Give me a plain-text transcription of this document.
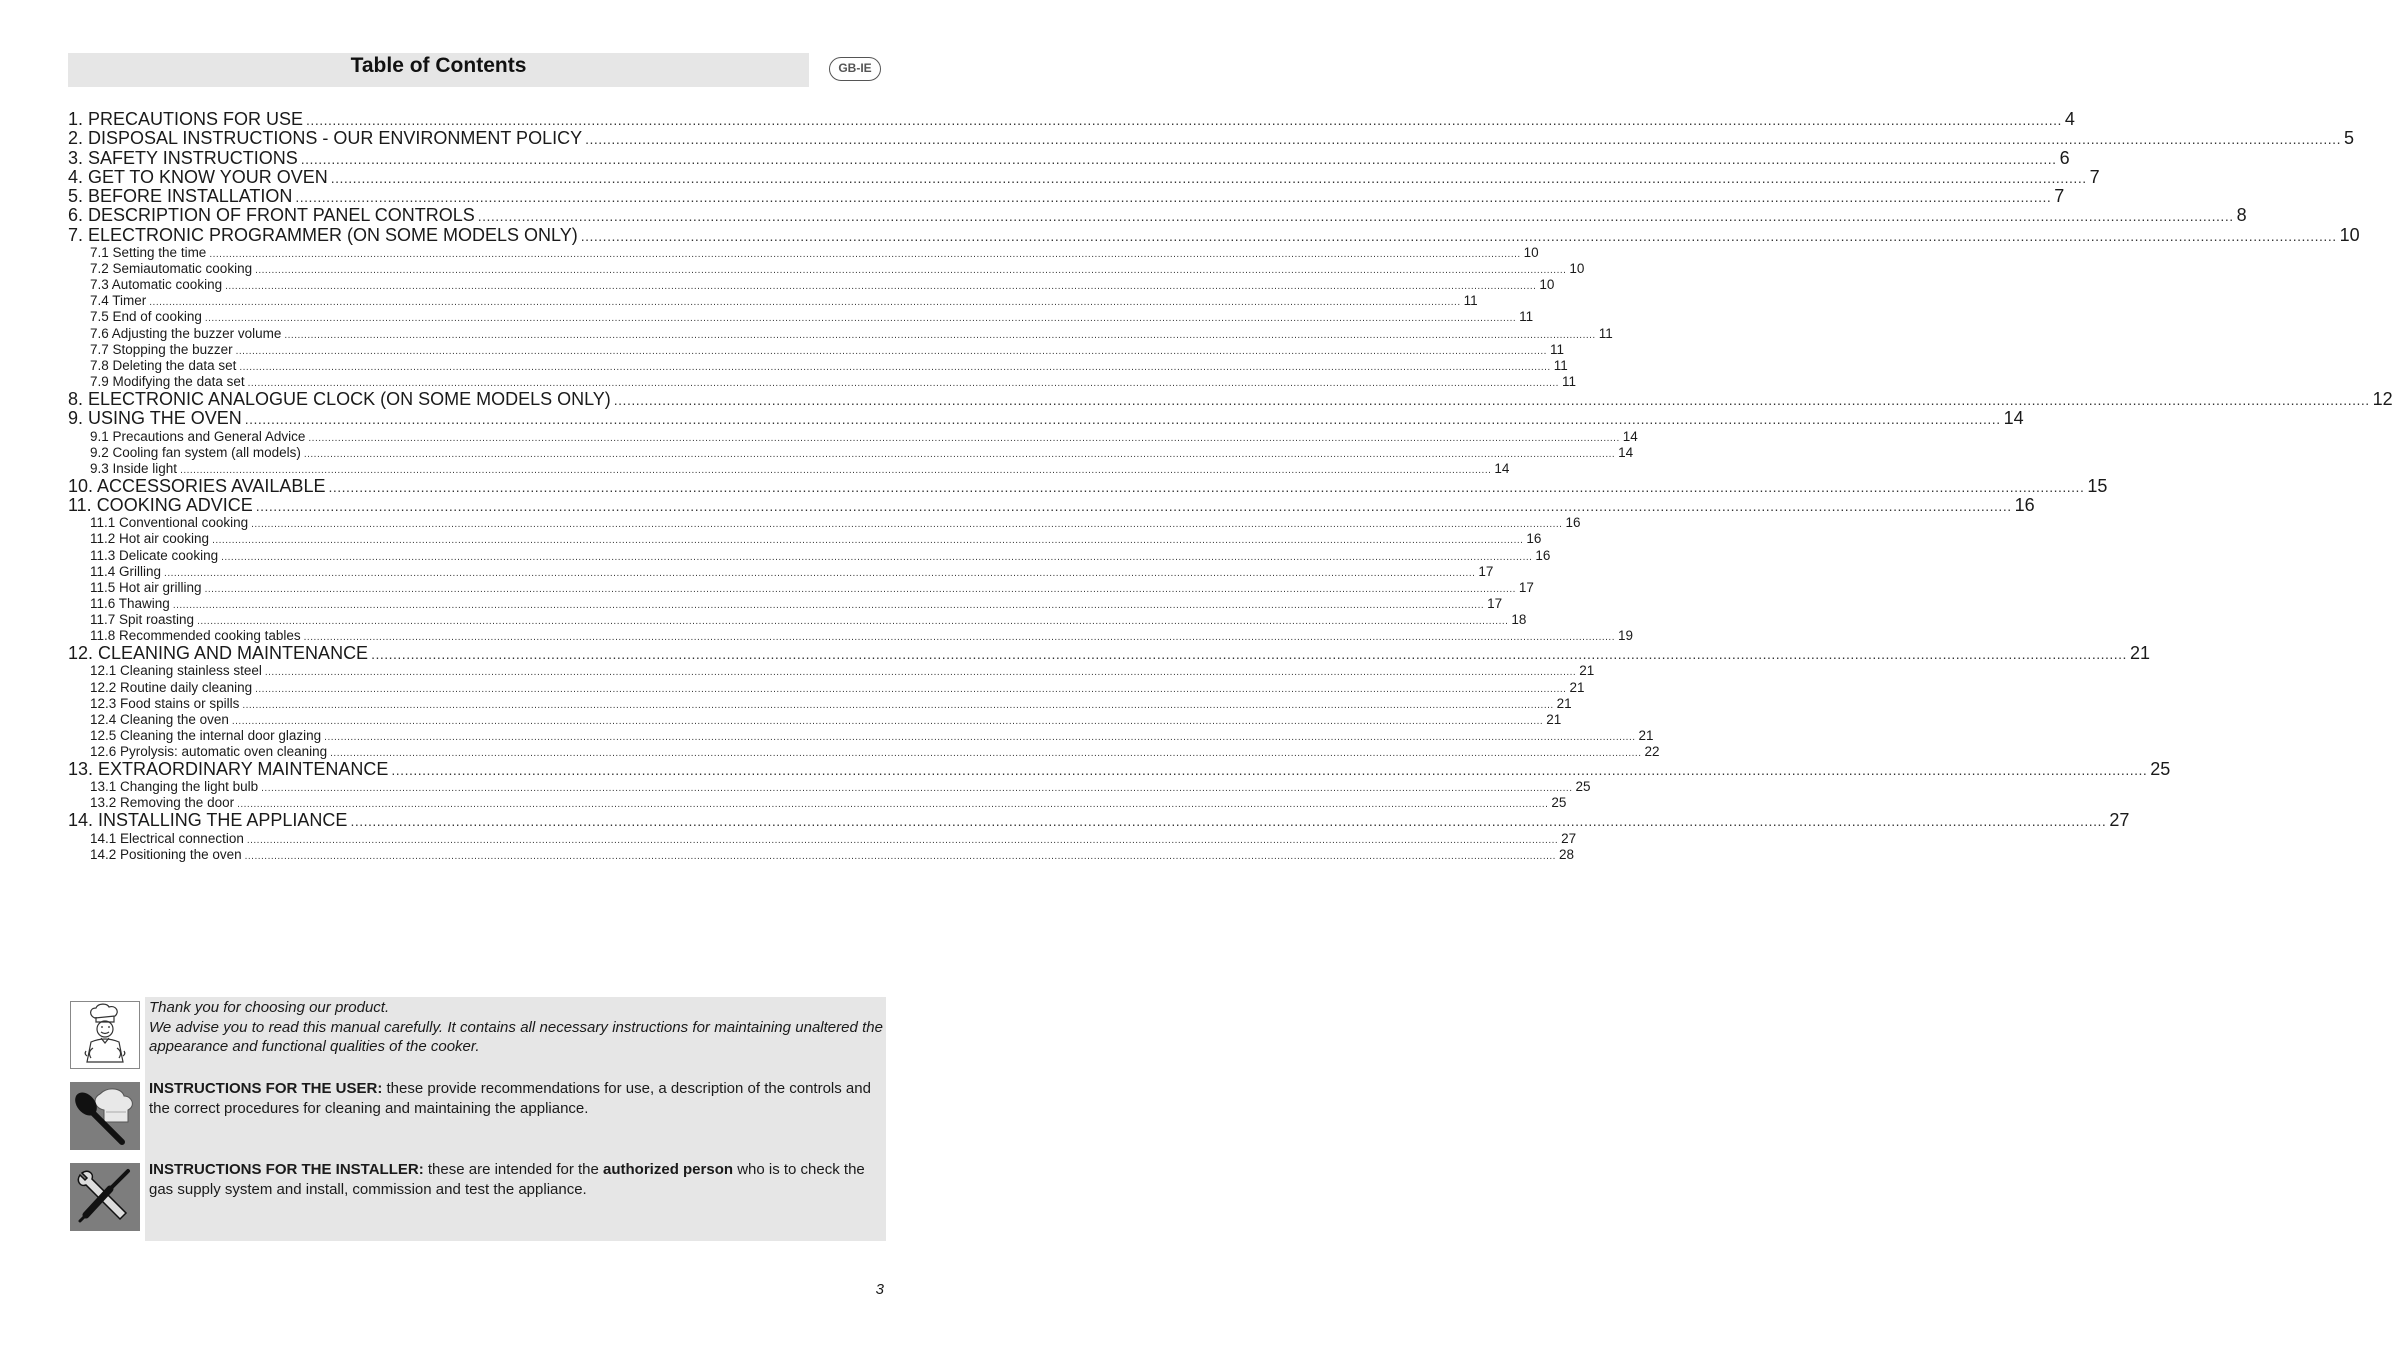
Table of Contents	GB-IE
1. PRECAUTIONS FOR USE ................................................................................................................................................................................................................................................................................................................................................................................................................ 4
2. DISPOSAL INSTRUCTIONS - OUR ENVIRONMENT POLICY ................................................................................................................................................................................................................................................................................................................................................................................................................ 5
3. SAFETY INSTRUCTIONS ................................................................................................................................................................................................................................................................................................................................................................................................................ 6
4. GET TO KNOW YOUR OVEN ................................................................................................................................................................................................................................................................................................................................................................................................................ 7
5. BEFORE INSTALLATION ................................................................................................................................................................................................................................................................................................................................................................................................................ 7
6. DESCRIPTION OF FRONT PANEL CONTROLS ................................................................................................................................................................................................................................................................................................................................................................................................................ 8
7. ELECTRONIC PROGRAMMER (ON SOME MODELS ONLY) ................................................................................................................................................................................................................................................................................................................................................................................................................ 10
7.1 Setting the time ................................................................................................................................................................................................................................................................................................................................................................................................................ 10
7.2 Semiautomatic cooking ................................................................................................................................................................................................................................................................................................................................................................................................................ 10
7.3 Automatic cooking ................................................................................................................................................................................................................................................................................................................................................................................................................ 10
7.4 Timer ................................................................................................................................................................................................................................................................................................................................................................................................................ 11
7.5 End of cooking ................................................................................................................................................................................................................................................................................................................................................................................................................ 11
7.6 Adjusting the buzzer volume ................................................................................................................................................................................................................................................................................................................................................................................................................ 11
7.7 Stopping the buzzer ................................................................................................................................................................................................................................................................................................................................................................................................................ 11
7.8 Deleting the data set ................................................................................................................................................................................................................................................................................................................................................................................................................ 11
7.9 Modifying the data set ................................................................................................................................................................................................................................................................................................................................................................................................................ 11
8. ELECTRONIC ANALOGUE CLOCK (ON SOME MODELS ONLY) ................................................................................................................................................................................................................................................................................................................................................................................................................ 12
9. USING THE OVEN ................................................................................................................................................................................................................................................................................................................................................................................................................ 14
9.1 Precautions and General Advice ................................................................................................................................................................................................................................................................................................................................................................................................................ 14
9.2 Cooling fan system (all models) ................................................................................................................................................................................................................................................................................................................................................................................................................ 14
9.3 Inside light ................................................................................................................................................................................................................................................................................................................................................................................................................ 14
10. ACCESSORIES AVAILABLE ................................................................................................................................................................................................................................................................................................................................................................................................................ 15
11. COOKING ADVICE ................................................................................................................................................................................................................................................................................................................................................................................................................ 16
11.1 Conventional cooking ................................................................................................................................................................................................................................................................................................................................................................................................................ 16
11.2 Hot air cooking ................................................................................................................................................................................................................................................................................................................................................................................................................ 16
11.3 Delicate cooking ................................................................................................................................................................................................................................................................................................................................................................................................................ 16
11.4 Grilling ................................................................................................................................................................................................................................................................................................................................................................................................................ 17
11.5 Hot air grilling ................................................................................................................................................................................................................................................................................................................................................................................................................ 17
11.6 Thawing ................................................................................................................................................................................................................................................................................................................................................................................................................ 17
11.7 Spit roasting ................................................................................................................................................................................................................................................................................................................................................................................................................ 18
11.8 Recommended cooking tables ................................................................................................................................................................................................................................................................................................................................................................................................................ 19
12. CLEANING AND MAINTENANCE ................................................................................................................................................................................................................................................................................................................................................................................................................ 21
12.1 Cleaning stainless steel ................................................................................................................................................................................................................................................................................................................................................................................................................ 21
12.2 Routine daily cleaning ................................................................................................................................................................................................................................................................................................................................................................................................................ 21
12.3 Food stains or spills ................................................................................................................................................................................................................................................................................................................................................................................................................ 21
12.4 Cleaning the oven ................................................................................................................................................................................................................................................................................................................................................................................................................ 21
12.5 Cleaning the internal door glazing ................................................................................................................................................................................................................................................................................................................................................................................................................ 21
12.6 Pyrolysis: automatic oven cleaning ................................................................................................................................................................................................................................................................................................................................................................................................................ 22
13. EXTRAORDINARY MAINTENANCE ................................................................................................................................................................................................................................................................................................................................................................................................................ 25
13.1 Changing the light bulb ................................................................................................................................................................................................................................................................................................................................................................................................................ 25
13.2 Removing the door ................................................................................................................................................................................................................................................................................................................................................................................................................ 25
14. INSTALLING THE APPLIANCE ................................................................................................................................................................................................................................................................................................................................................................................................................ 27
14.1 Electrical connection ................................................................................................................................................................................................................................................................................................................................................................................................................ 27
14.2 Positioning the oven ................................................................................................................................................................................................................................................................................................................................................................................................................ 28

Thank you for choosing our product.

We advise you to read this manual carefully. It contains all necessary instructions for maintaining unaltered the appearance and functional qualities of the cooker.

INSTRUCTIONS FOR THE USER: these provide recommendations for use, a description of the controls and the correct procedures for cleaning and maintaining the appliance.

INSTRUCTIONS FOR THE INSTALLER: these are intended for the authorized person who is to check the gas supply system and install, commission and test the appliance.

3
